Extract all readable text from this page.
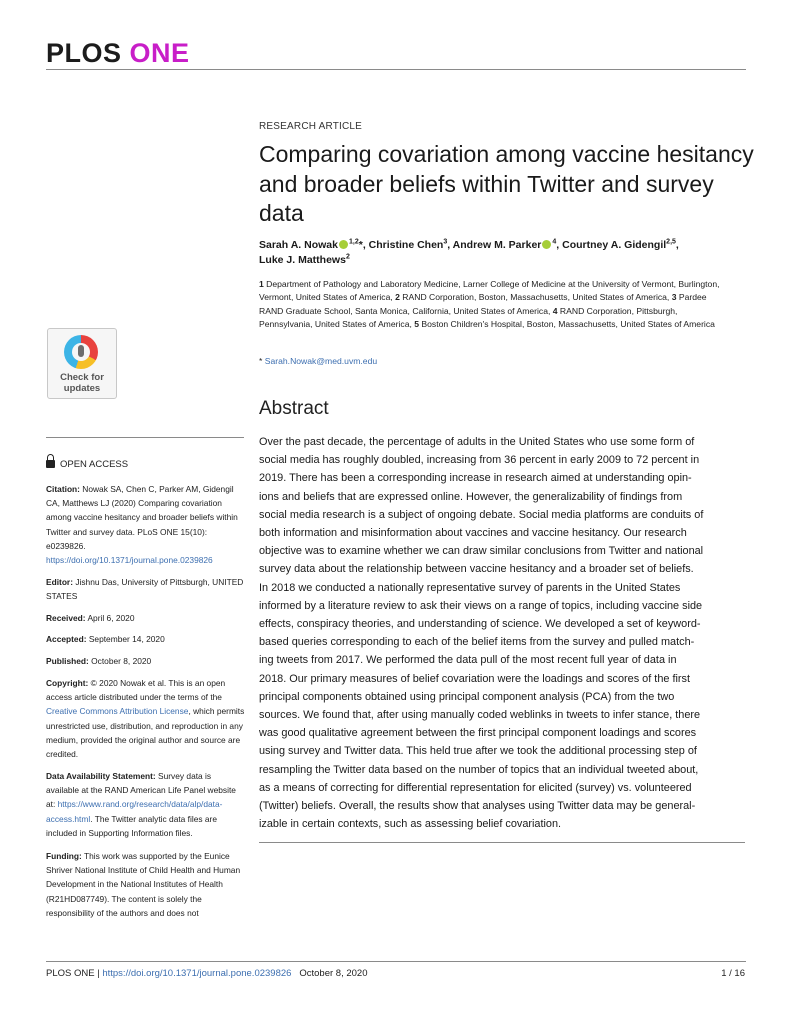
PLOS ONE
Check for
updates
OPEN ACCESS
Citation: Nowak SA, Chen C, Parker AM, Gidengil CA, Matthews LJ (2020) Comparing covariation among vaccine hesitancy and broader beliefs within Twitter and survey data. PLoS ONE 15(10): e0239826. https://doi.org/10.1371/journal.pone.0239826
Editor: Jishnu Das, University of Pittsburgh, UNITED STATES
Received: April 6, 2020
Accepted: September 14, 2020
Published: October 8, 2020
Copyright: © 2020 Nowak et al. This is an open access article distributed under the terms of the Creative Commons Attribution License, which permits unrestricted use, distribution, and reproduction in any medium, provided the original author and source are credited.
Data Availability Statement: Survey data is available at the RAND American Life Panel website at: https://www.rand.org/research/data/alp/data-access.html. The Twitter analytic data files are included in Supporting Information files.
Funding: This work was supported by the Eunice Shriver National Institute of Child Health and Human Development in the National Institutes of Health (R21HD087749). The content is solely the responsibility of the authors and does not
RESEARCH ARTICLE
Comparing covariation among vaccine hesitancy and broader beliefs within Twitter and survey data
Sarah A. Nowak $^{1,2}$*, Christine Chen$^3$, Andrew M. Parker $^4$, Courtney A. Gidengil$^{2,5}$,
Luke J. Matthews$^2$
1 Department of Pathology and Laboratory Medicine, Larner College of Medicine at the University of Vermont, Burlington, Vermont, United States of America, 2 RAND Corporation, Boston, Massachusetts, United States of America, 3 Pardee RAND Graduate School, Santa Monica, California, United States of America, 4 RAND Corporation, Pittsburgh, Pennsylvania, United States of America, 5 Boston Children's Hospital, Boston, Massachusetts, United States of America
* Sarah.Nowak@med.uvm.edu
Abstract
Over the past decade, the percentage of adults in the United States who use some form of
social media has roughly doubled, increasing from 36 percent in early 2009 to 72 percent in
2019. There has been a corresponding increase in research aimed at understanding opin-
ions and beliefs that are expressed online. However, the generalizability of findings from
social media research is a subject of ongoing debate. Social media platforms are conduits of
both information and misinformation about vaccines and vaccine hesitancy. Our research
objective was to examine whether we can draw similar conclusions from Twitter and national
survey data about the relationship between vaccine hesitancy and a broader set of beliefs.
In 2018 we conducted a nationally representative survey of parents in the United States
informed by a literature review to ask their views on a range of topics, including vaccine side
effects, conspiracy theories, and understanding of science. We developed a set of keyword-
based queries corresponding to each of the belief items from the survey and pulled match-
ing tweets from 2017. We performed the data pull of the most recent full year of data in
2018. Our primary measures of belief covariation were the loadings and scores of the first
principal components obtained using principal component analysis (PCA) from the two
sources. We found that, after using manually coded weblinks in tweets to infer stance, there
was good qualitative agreement between the first principal component loadings and scores
using survey and Twitter data. This held true after we took the additional processing step of
resampling the Twitter data based on the number of topics that an individual tweeted about,
as a means of correcting for differential representation for elicited (survey) vs. volunteered
(Twitter) beliefs. Overall, the results show that analyses using Twitter data may be general-
izable in certain contexts, such as assessing belief covariation.
PLOS ONE | https://doi.org/10.1371/journal.pone.0239826 October 8, 2020	1 / 16
